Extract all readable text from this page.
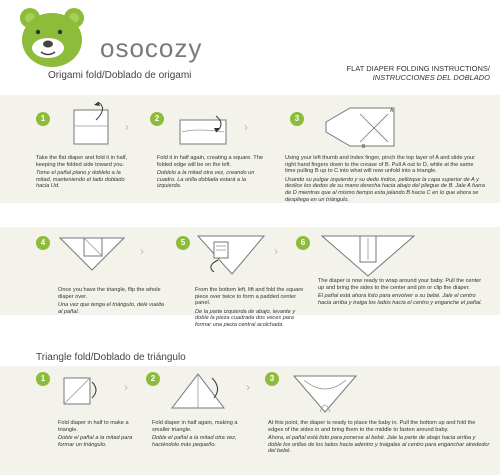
osocozy
Origami fold/Doblado de origami
FLAT DIAPER FOLDING INSTRUCTIONS/
INSTRUCCIONES DEL DOBLADO
1
›
2
›
3
A
B
Take the flat diaper and fold it in half, keeping the folded side toward you.
Tome el pañal plano y doblelo a la mitad, manteniendo el lado doblado hacia Ud.
Fold it in half again, creating a square. The folded edge will be on the left.
Doblelo a la mitad otra vez, creando un cuadro. La orilla doblada estará a la izquierda.
Using your left thumb and index finger, pinch the top layer of A and slide your right hand fingers down to the crease of B. Pull A out to D, while at the same time pulling B up to C into what will now unfold into a triangle.
Usando su pulgar izquierdo y su dedo índice, pellizque la capa superior de A y deslice los dedos de su mano derecha hacia abajo del pliegue de B. Jale A fuera de D mientras que al mismo tiempo esta jalando B hacia C en lo que ahora se despliega en un triángulo.
4
›
5
›
6
Once you have the triangle, flip the whole diaper over.
Una vez que tenga el triángulo, dele vuelta al pañal.
From the bottom left, lift and fold the square piece over twice to form a padded center panel.
De la parte izquierda de abajo, levante y doble la pieza cuadrada dos veces para formar una pieza central acolchada.
The diaper is now ready to wrap around your baby. Pull the center up and bring the sides to the center and pin or clip the diaper.
El pañal está ahora listo para envolver a su bebé. Jale el centro hacia arriba y traiga los lados hacia el centro y enganche el pañal.
Triangle fold/Doblado de triángulo
1
›
2
›
3
Fold diaper in half to make a triangle.
Doble el pañal a la mitad para formar un triángulo.
Fold diaper in half again, making a smaller triangle.
Doble el pañal a la mitad otra vez, haciéndolo más pequeño.
At this point, the diaper is ready to place the baby in. Pull the bottom up and fold the edges of the sides in and bring them to the middle to fasten around baby.
Ahora, el pañal está listo para ponerse al bebé. Jale la parte de abajo hacia arriba y doble los orillas de los lados hacia adentro y traigalas al centro para enganchar alrededor del bebé.
